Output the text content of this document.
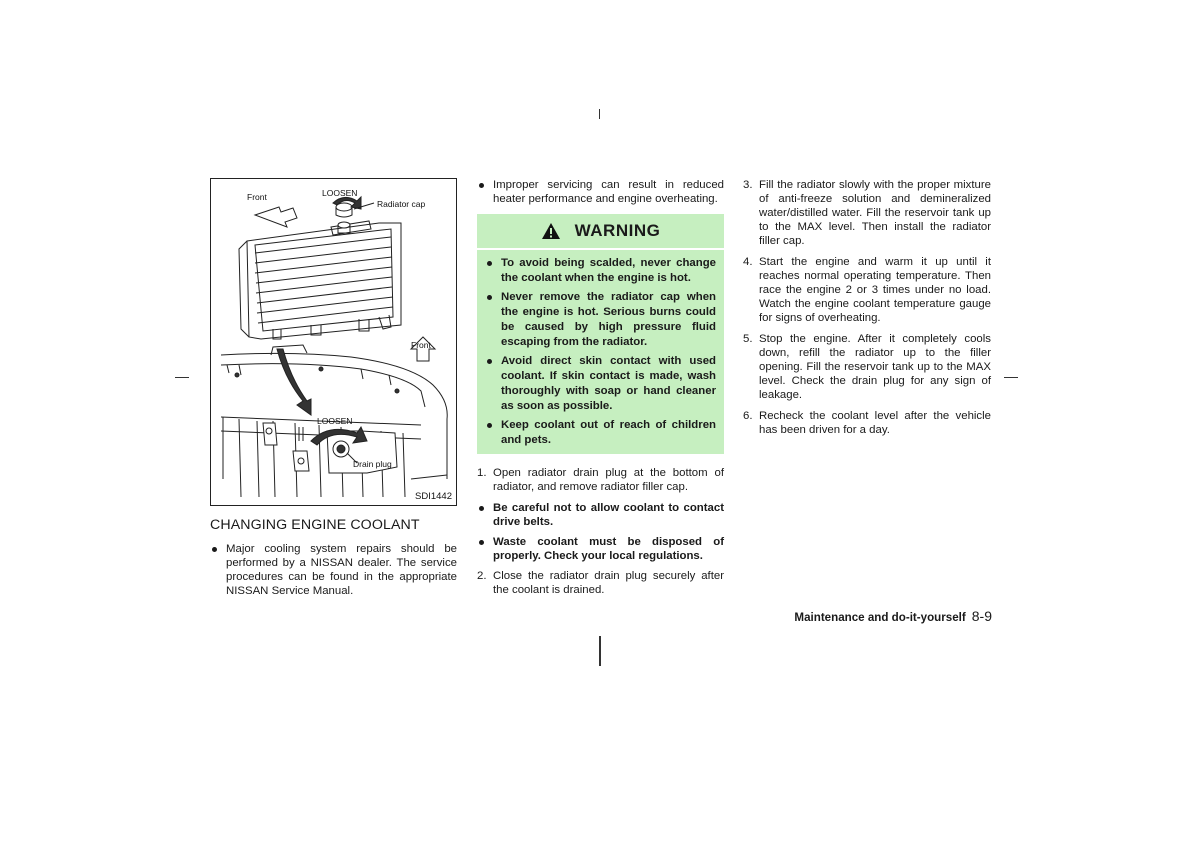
Front	LOOSEN
Radiator cap
Front
LOOSEN
Drain plug
SDI1442
CHANGING ENGINE COOLANT
Major cooling system repairs should be performed by a NISSAN dealer. The service procedures can be found in the appropriate NISSAN Service Manual.
Improper servicing can result in reduced heater performance and engine overheating.
WARNING
To avoid being scalded, never change the coolant when the engine is hot.
Never remove the radiator cap when the engine is hot. Serious burns could be caused by high pressure fluid escaping from the radiator.
Avoid direct skin contact with used coolant. If skin contact is made, wash thoroughly with soap or hand cleaner as soon as possible.
Keep coolant out of reach of children and pets.
1. Open radiator drain plug at the bottom of radiator, and remove radiator filler cap.
Be careful not to allow coolant to contact drive belts.
Waste coolant must be disposed of properly. Check your local regulations.
2. Close the radiator drain plug securely after the coolant is drained.
3. Fill the radiator slowly with the proper mixture of anti-freeze solution and demineralized water/distilled water. Fill the reservoir tank up to the MAX level. Then install the radiator filler cap.
4. Start the engine and warm it up until it reaches normal operating temperature. Then race the engine 2 or 3 times under no load. Watch the engine coolant temperature gauge for signs of overheating.
5. Stop the engine. After it completely cools down, refill the radiator up to the filler opening. Fill the reservoir tank up to the MAX level. Check the drain plug for any sign of leakage.
6. Recheck the coolant level after the vehicle has been driven for a day.
Maintenance and do-it-yourself 8-9
